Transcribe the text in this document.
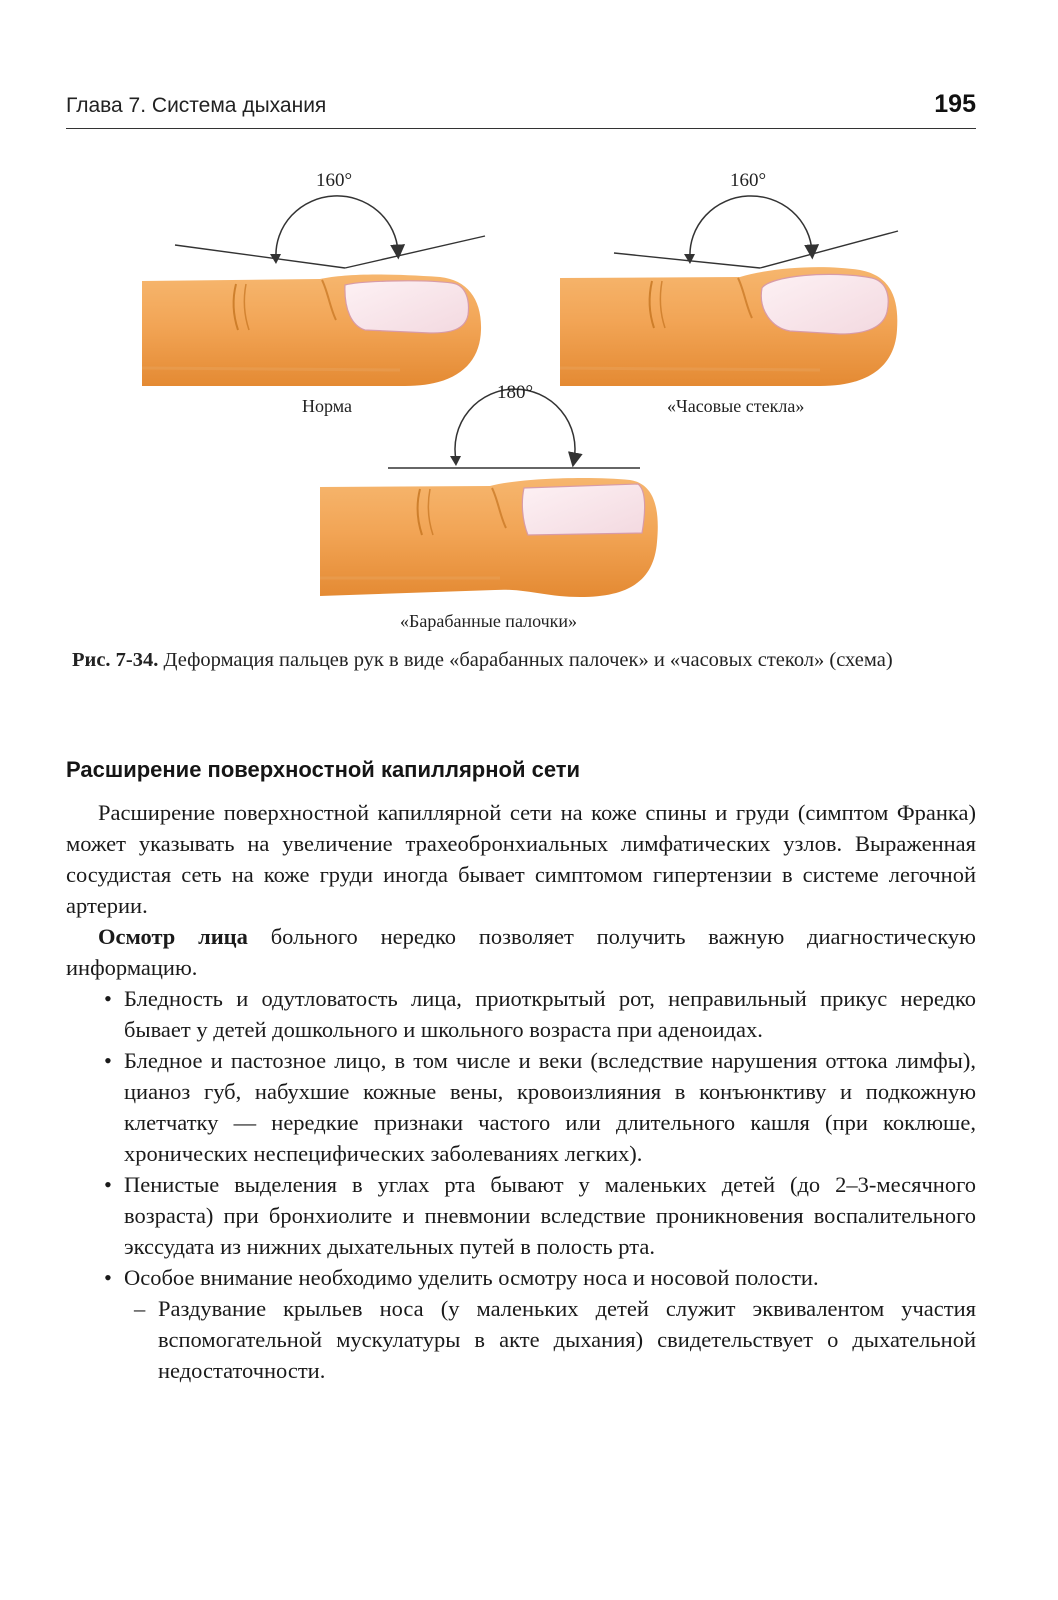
Глава 7. Система дыхания	195
160°	160°
180°
Норма	«Часовые стекла»
«Барабанные палочки»
Рис. 7-34. Деформация пальцев рук в виде «барабанных палочек» и «часовых стекол» (схема)
Расширение поверхностной капиллярной сети

Расширение поверхностной капиллярной сети на коже спины и груди (симптом Франка) может указывать на увеличение трахеобронхиальных лимфатических узлов. Выраженная сосудистая сеть на коже груди иногда бывает симптомом гипертензии в системе легочной артерии.

Осмотр лица больного нередко позволяет получить важную диагностическую информацию.

• Бледность и одутловатость лица, приоткрытый рот, неправильный прикус нередко бывает у детей дошкольного и школьного возраста при аденоидах.
• Бледное и пастозное лицо, в том числе и веки (вследствие нарушения оттока лимфы), цианоз губ, набухшие кожные вены, кровоизлияния в конъюнктиву и подкожную клетчатку — нередкие признаки частого или длительного кашля (при коклюше, хронических неспецифических заболеваниях легких).
• Пенистые выделения в углах рта бывают у маленьких детей (до 2–3-месячного возраста) при бронхиолите и пневмонии вследствие проникновения воспалительного экссудата из нижних дыхательных путей в полость рта.
• Особое внимание необходимо уделить осмотру носа и носовой полости.
– Раздувание крыльев носа (у маленьких детей служит эквивалентом участия вспомогательной мускулатуры в акте дыхания) свидетельствует о дыхательной недостаточности.
